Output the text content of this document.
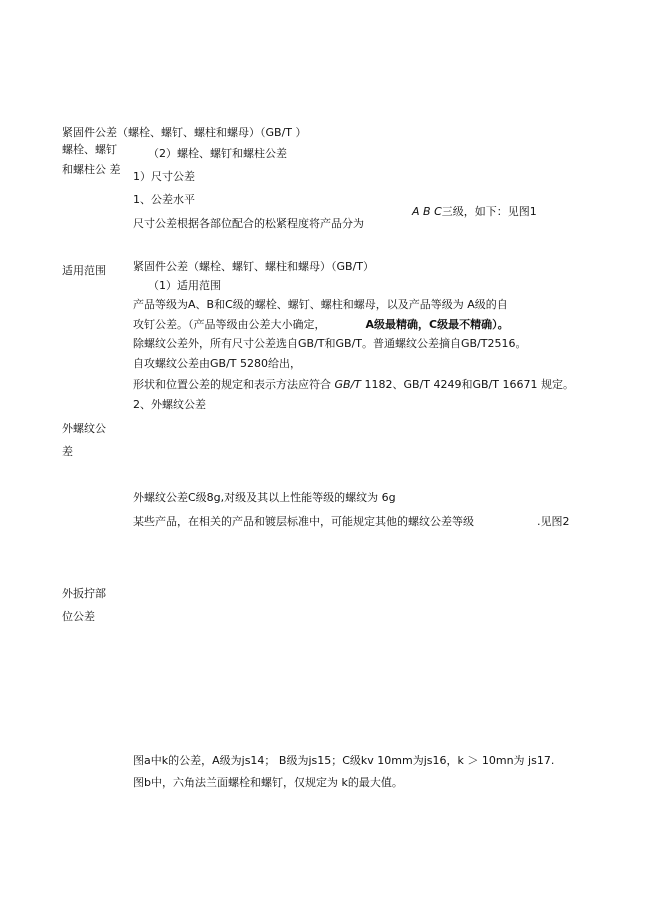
紧固件公差（螺栓、螺钉、螺柱和螺母）（GB/T ）
螺栓、螺钉
和螺柱公 差
（2）螺栓、螺钉和螺柱公差
1）尺寸公差
1、公差水平
A B C三级，如下：见图1
尺寸公差根据各部位配合的松紧程度将产品分为
适用范围 紧固件公差（螺栓、螺钉、螺柱和螺母）（GB/T）
（1）适用范围
产品等级为A、B和C级的螺栓、螺钉、螺柱和螺母，以及产品等级为 A级的自
攻钉公差。（产品等级由公差大小确定，	A级最精确，C级最不精确）。
除螺纹公差外，所有尺寸公差选自GB/T和GB/T。普通螺纹公差摘自GB/T2516。
自攻螺纹公差由GB/T 5280给出，
形状和位置公差的规定和表示方法应符合 GB/T 1182、GB/T 4249和GB/T 16671 规定。
2、外螺纹公差
外螺纹公
差
外螺纹公差C级8g,对级及其以上性能等级的螺纹为 6g
某些产品，在相关的产品和镀层标准中，可能规定其他的螺纹公差等级	.见图2
外扳拧部
位公差
图a中k的公差，A级为js14； B级为js15；C级kv 10mm为js16，k ＞ 10mn为 js17.
图b中，六角法兰面螺栓和螺钉，仅规定为 k的最大值。
